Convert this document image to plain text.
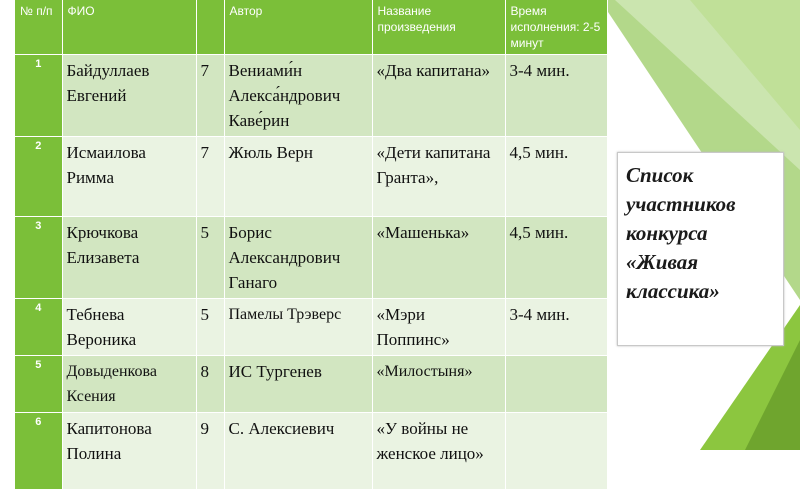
№ п/п	ФИО		Автор	Название произведения	Время исполнения: 2-5 минут
1	Байдуллаев Евгений	7	Вениами́н Алекса́ндрович Каве́рин	«Два капитана»	3-4 мин.
2	Исмаилова Римма	7	Жюль Верн	«Дети капитана Гранта»,	4,5 мин.
3	Крючкова Елизавета	5	Борис Александрович Ганаго	«Машенька»	4,5 мин.
4	Тебнева Вероника	5	Памелы Трэверс	«Мэри Поппинс»	3-4 мин.
5	Довыденкова Ксения	8	ИС Тургенев	«Милостыня»	
6	Капитонова Полина	9	С. Алексиевич	«У войны не женское лицо»	
Список участников конкурса «Живая классика»
